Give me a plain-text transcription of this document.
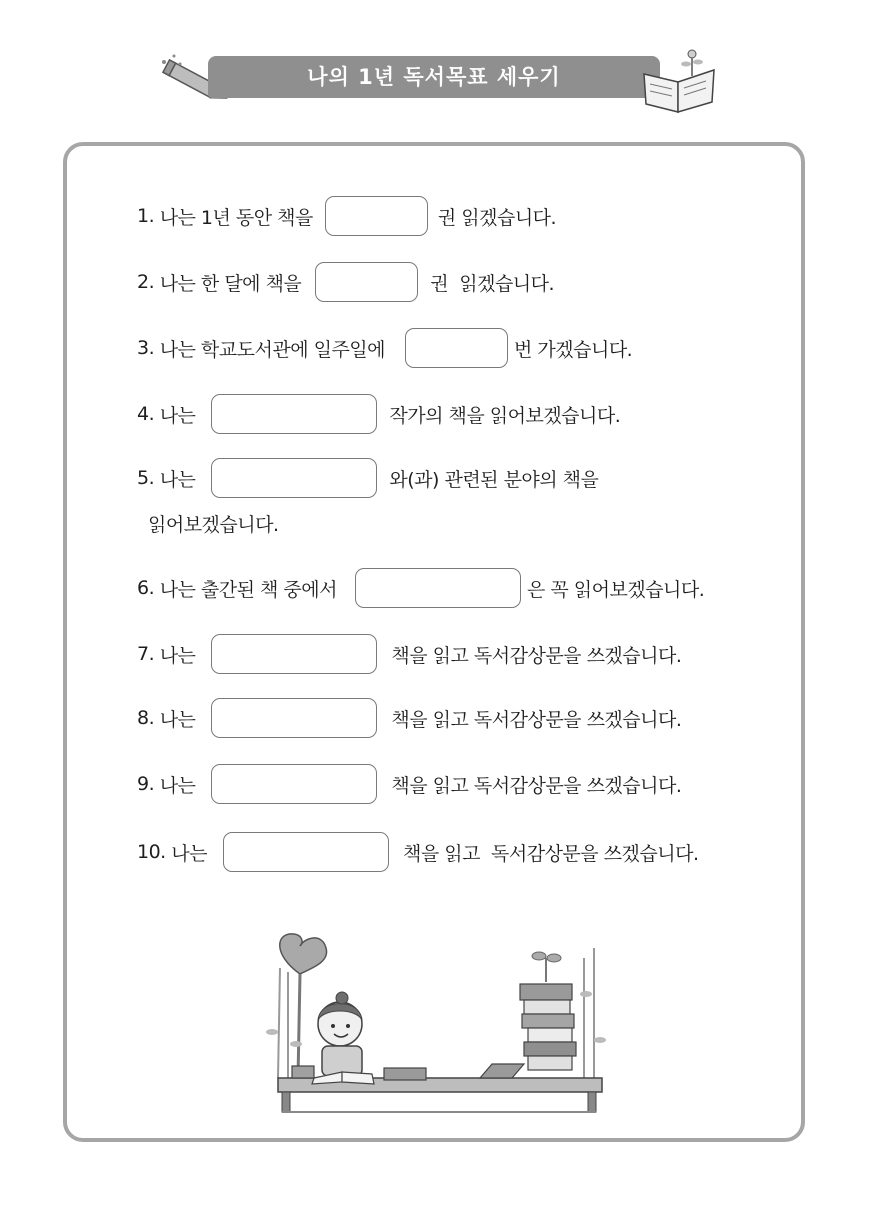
나의 1년 독서목표 세우기
1.
나는 1년 동안 책을	권 읽겠습니다.
2.
나는 한 달에 책을	권  읽겠습니다.
3.
나는 학교도서관에 일주일에	번 가겠습니다.
4.
나는	작가의 책을 읽어보겠습니다.
5.
나는	와(과) 관련된 분야의 책을
읽어보겠습니다.
6.
나는 출간된 책 중에서	은 꼭 읽어보겠습니다.
7.
나는	책을 읽고 독서감상문을 쓰겠습니다.
8.
나는	책을 읽고 독서감상문을 쓰겠습니다.
9.
나는	책을 읽고 독서감상문을 쓰겠습니다.
10.
나는	책을 읽고  독서감상문을 쓰겠습니다.
